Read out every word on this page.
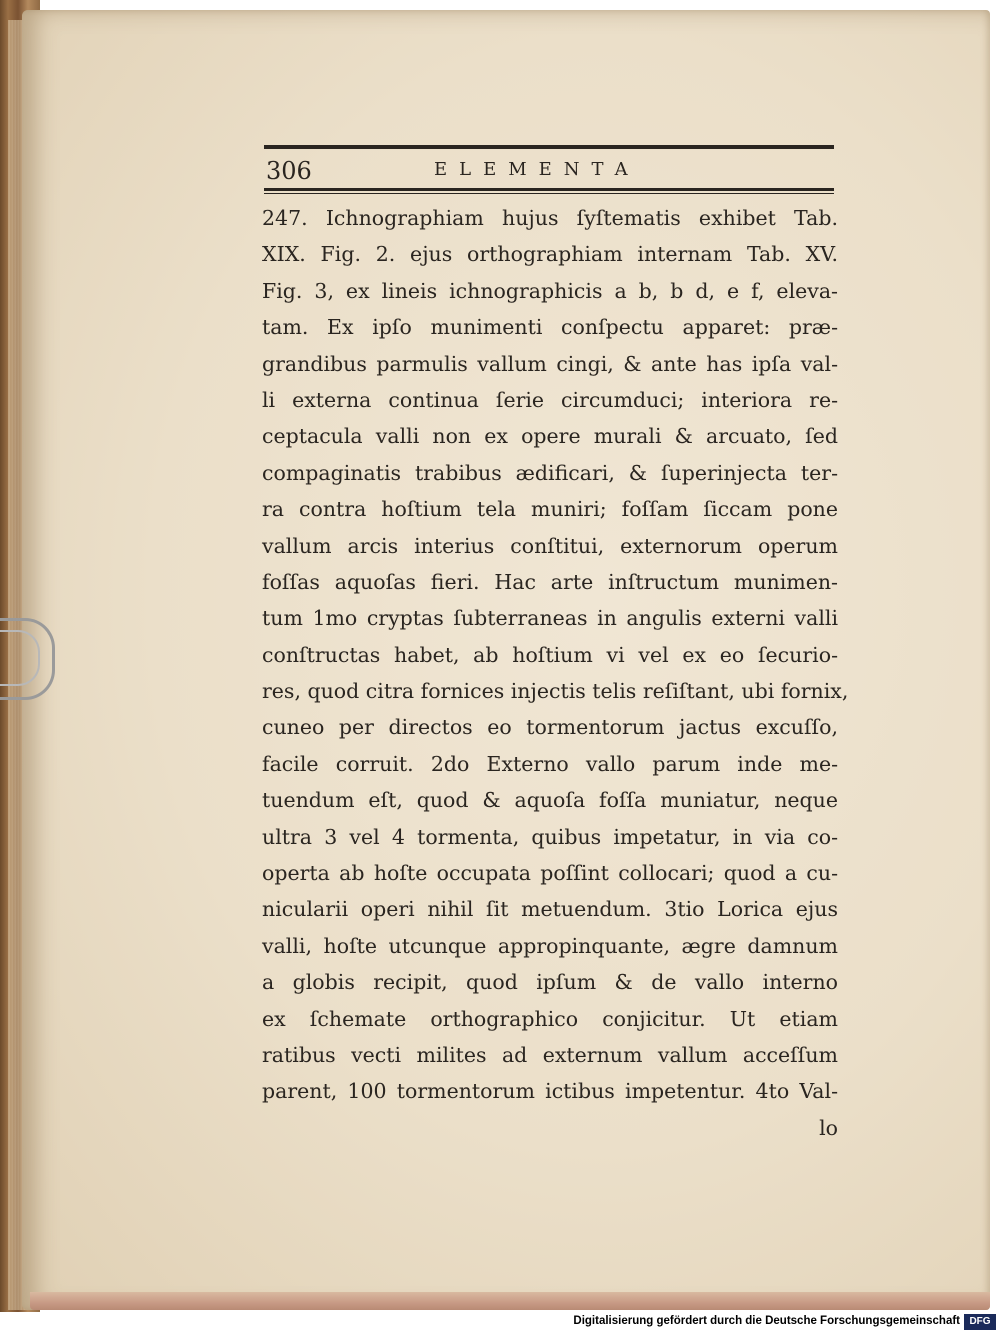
306	ELEMENTA
247. Ichnographiam hujus ſyſtematis exhibet Tab.
XIX. Fig. 2. ejus orthographiam internam Tab. XV.
Fig. 3, ex lineis ichnographicis a b, b d, e f, eleva-
tam. Ex ipſo munimenti conſpectu apparet: præ-
grandibus parmulis vallum cingi, & ante has ipſa val-
li externa continua ſerie circumduci; interiora re-
ceptacula valli non ex opere murali & arcuato, ſed
compaginatis trabibus ædificari, & ſuperinjecta ter-
ra contra hoſtium tela muniri; foſſam ſiccam pone
vallum arcis interius conſtitui, externorum operum
foſſas aquoſas fieri. Hac arte inſtructum munimen-
tum 1mo cryptas ſubterraneas in angulis externi valli
conſtructas habet, ab hoſtium vi vel ex eo ſecurio-
res, quod citra fornices injectis telis reſiſtant, ubi fornix,
cuneo per directos eo tormentorum jactus excuſſo,
facile corruit. 2do Externo vallo parum inde me-
tuendum eſt, quod & aquoſa foſſa muniatur, neque
ultra 3 vel 4 tormenta, quibus impetatur, in via co-
operta ab hoſte occupata poſſint collocari; quod a cu-
nicularii operi nihil ſit metuendum. 3tio Lorica ejus
valli, hoſte utcunque appropinquante, ægre damnum
a globis recipit, quod ipſum & de vallo interno
ex ſchemate orthographico conjicitur. Ut etiam
ratibus vecti milites ad externum vallum acceſſum
parent, 100 tormentorum ictibus impetentur. 4to Val-
lo
Digitalisierung gefördert durch die Deutsche Forschungsgemeinschaft DFG
